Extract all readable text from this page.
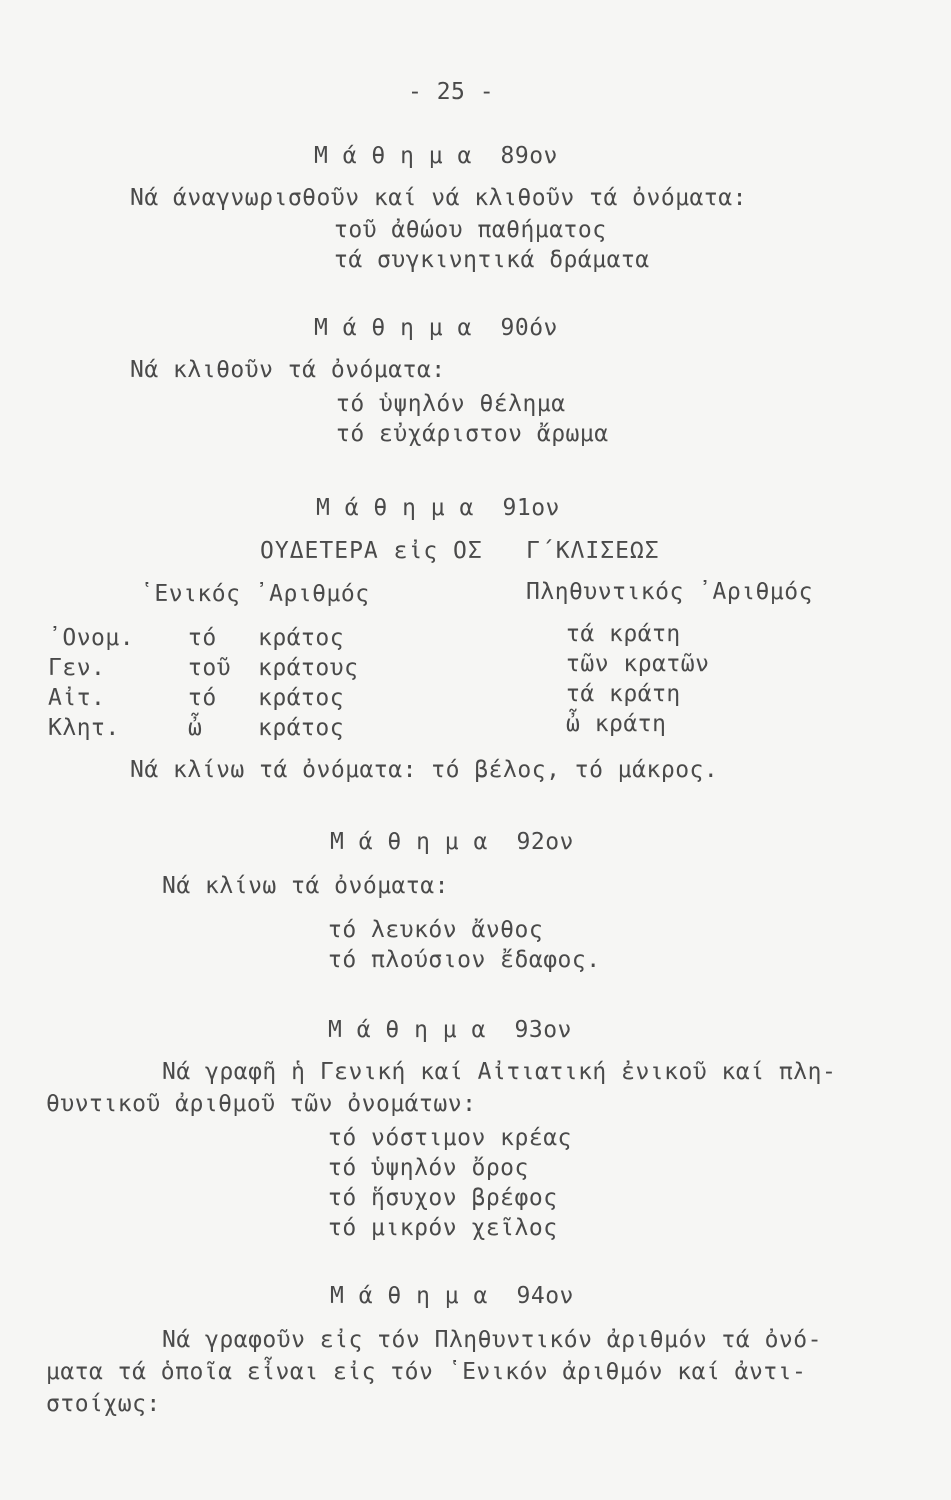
- 25 -
Μ ά θ η μ α  89ον
Νά άναγνωρισθοῦν καί νά κλιθοῦν τά ὀνόματα:
τοῦ ἀθώου παθήματος
τά συγκινητικά δράματα
Μ ά θ η μ α  90όν
Νά κλιθοῦν τά ὀνόματα:
τό ὑψηλόν θέλημα
τό εὐχάριστον ἄρωμα
Μ ά θ η μ α  91ον
ΟΥΔΕΤΕΡΑ εἰς ΟΣ Γ΄ΚΛΙΣΕΩΣ
῾Ενικός ᾽Αριθμός	Πληθυντικός ᾽Αριθμός
᾽Ονομ. τό κράτος	τά κράτη
Γεν.	τοῦ κράτους	τῶν κρατῶν
Αἰτ.	τό κράτος	τά κράτη
Κλητ.	ὦ κράτος	ὦ κράτη
Νά κλίνω τά ὀνόματα: τό βέλος, τό μάκρος.
Μ ά θ η μ α  92ον
Νά κλίνω τά ὀνόματα:
τό λευκόν ἄνθος
τό πλούσιον ἔδαφος.
Μ ά θ η μ α  93ον
Νά γραφῆ ἡ Γενική καί Αἰτιατική ἐνικοῦ καί πλη-
θυντικοῦ ἀριθμοῦ τῶν ὀνομάτων:
τό νόστιμον κρέας
τό ὑψηλόν ὄρος
τό ἥσυχον βρέφος
τό μικρόν χεῖλος
Μ ά θ η μ α  94ον
Νά γραφοῦν εἰς τόν Πληθυντικόν ἀριθμόν τά ὀνό-
ματα τά ὁποῖα εἶναι εἰς τόν ῾Ενικόν ἀριθμόν καί ἀντι-
στοίχως:
